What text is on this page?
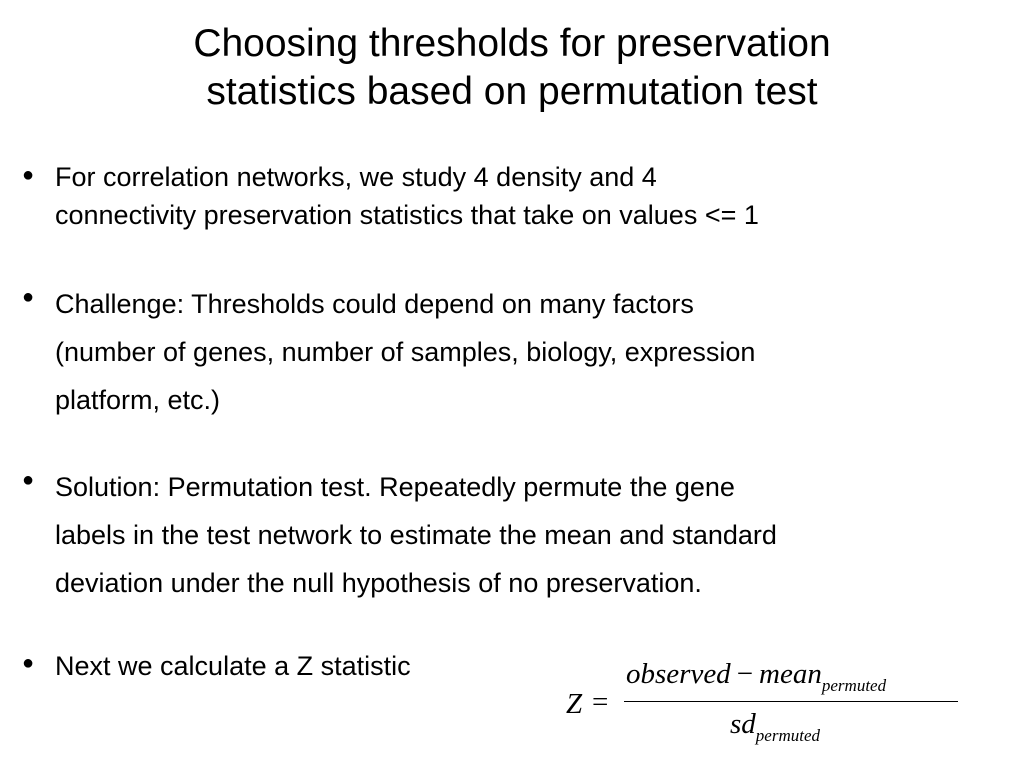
Choosing thresholds for preservation
statistics based on permutation test
● For correlation networks, we study 4 density and 4
connectivity preservation statistics that take on values <= 1
● Challenge: Thresholds could depend on many factors
(number of genes, number of samples, biology, expression
platform, etc.)
● Solution: Permutation test. Repeatedly permute the gene
labels in the test network to estimate the mean and standard
deviation under the null hypothesis of no preservation.
● Next we calculate a Z statistic
Z =
observed − meanpermuted
sdpermuted
